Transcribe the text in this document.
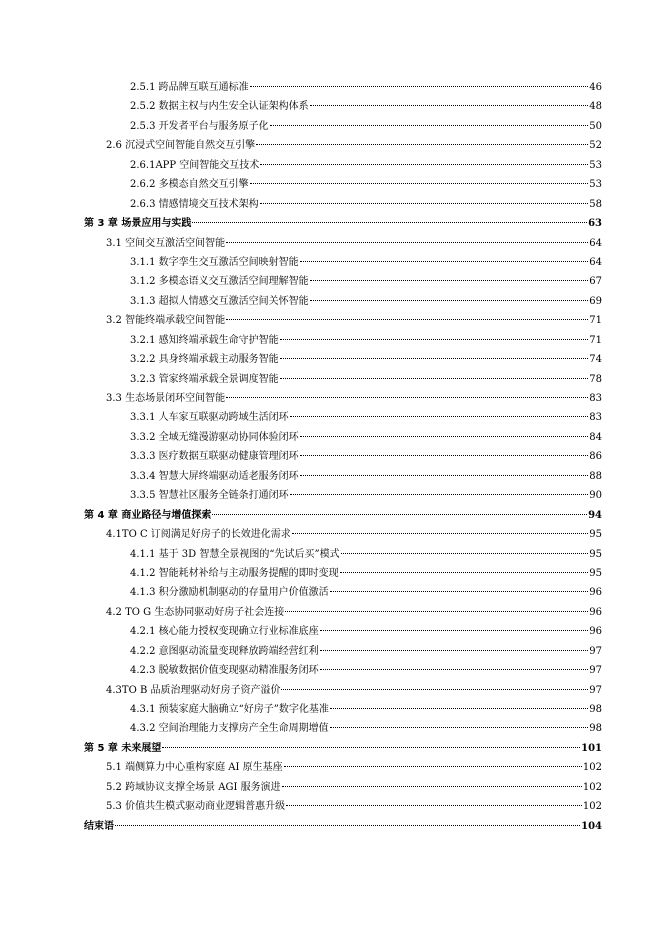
2.5.1 跨品牌互联互通标准	46
2.5.2 数据主权与内生安全认证架构体系	48
2.5.3 开发者平台与服务原子化	50
2.6 沉浸式空间智能自然交互引擎	52
2.6.1APP 空间智能交互技术	53
2.6.2 多模态自然交互引擎	53
2.6.3 情感情境交互技术架构	58
第 3 章 场景应用与实践	63
3.1 空间交互激活空间智能	64
3.1.1 数字孪生交互激活空间映射智能	64
3.1.2 多模态语义交互激活空间理解智能	67
3.1.3 超拟人情感交互激活空间关怀智能	69
3.2 智能终端承载空间智能	71
3.2.1 感知终端承载生命守护智能	71
3.2.2 具身终端承载主动服务智能	74
3.2.3 管家终端承载全景调度智能	78
3.3 生态场景闭环空间智能	83
3.3.1 人车家互联驱动跨域生活闭环	83
3.3.2 全域无缝漫游驱动协同体验闭环	84
3.3.3 医疗数据互联驱动健康管理闭环	86
3.3.4 智慧大屏终端驱动适老服务闭环	88
3.3.5 智慧社区服务全链条打通闭环	90
第 4 章 商业路径与增值探索	94
4.1TO C 订阅满足好房子的长效进化需求	95
4.1.1 基于 3D 智慧全景视图的“先试后买”模式	95
4.1.2 智能耗材补给与主动服务提醒的即时变现	95
4.1.3 积分激励机制驱动的存量用户价值激活	96
4.2 TO G 生态协同驱动好房子社会连接	96
4.2.1 核心能力授权变现确立行业标准底座	96
4.2.2 意图驱动流量变现释放跨端经营红利	97
4.2.3 脱敏数据价值变现驱动精准服务闭环	97
4.3TO B 品质治理驱动好房子资产溢价	97
4.3.1 预装家庭大脑确立“好房子”数字化基准	98
4.3.2 空间治理能力支撑房产全生命周期增值	98
第 5 章 未来展望	101
5.1 端侧算力中心重构家庭 AI 原生基座	102
5.2 跨域协议支撑全场景 AGI 服务演进	102
5.3 价值共生模式驱动商业逻辑普惠升级	102
结束语	104
